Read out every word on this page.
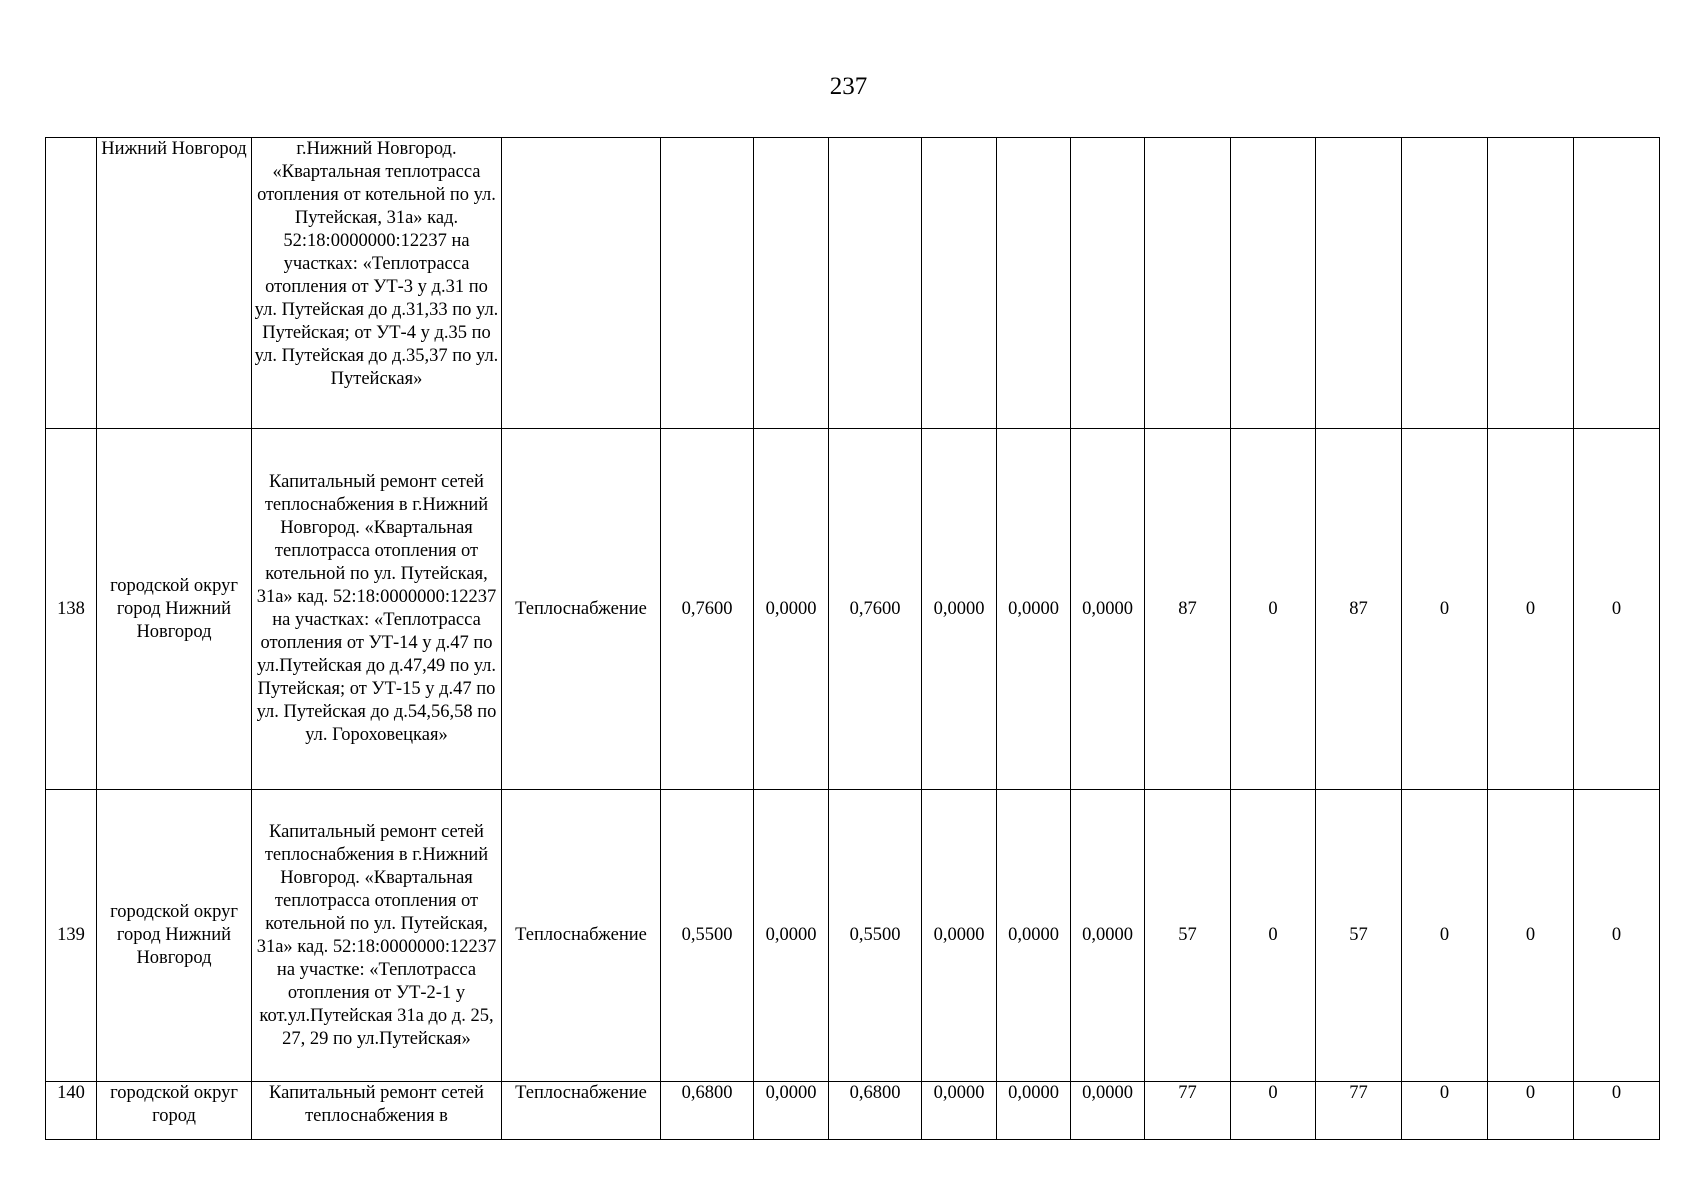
237
	Нижний Новгород	г.Нижний Новгород. «Квартальная теплотрасса отопления от котельной по ул. Путейская, 31а» кад. 52:18:0000000:12237 на участках: «Теплотрасса отопления от УТ-3 у д.31 по ул. Путейская до д.31,33 по ул. Путейская; от УТ-4 у д.35 по ул. Путейская до д.35,37 по ул. Путейская»													
138	городской округ город Нижний Новгород	Капитальный ремонт сетей теплоснабжения в г.Нижний Новгород. «Квартальная теплотрасса отопления от котельной по ул. Путейская, 31а» кад. 52:18:0000000:12237 на участках: «Теплотрасса отопления от УТ-14 у д.47 по ул.Путейская до д.47,49 по ул. Путейская; от УТ-15 у д.47 по ул. Путейская до д.54,56,58 по ул. Гороховецкая»	Теплоснабжение	0,7600	0,0000	0,7600	0,0000	0,0000	0,0000	87	0	87	0	0	0
139	городской округ город Нижний Новгород	Капитальный ремонт сетей теплоснабжения в г.Нижний Новгород. «Квартальная теплотрасса отопления от котельной по ул. Путейская, 31а» кад. 52:18:0000000:12237 на участке: «Теплотрасса отопления от УТ-2-1 у кот.ул.Путейская 31а до д. 25, 27, 29 по ул.Путейская»	Теплоснабжение	0,5500	0,0000	0,5500	0,0000	0,0000	0,0000	57	0	57	0	0	0
140	городской округ город	Капитальный ремонт сетей теплоснабжения в	Теплоснабжение	0,6800	0,0000	0,6800	0,0000	0,0000	0,0000	77	0	77	0	0	0
